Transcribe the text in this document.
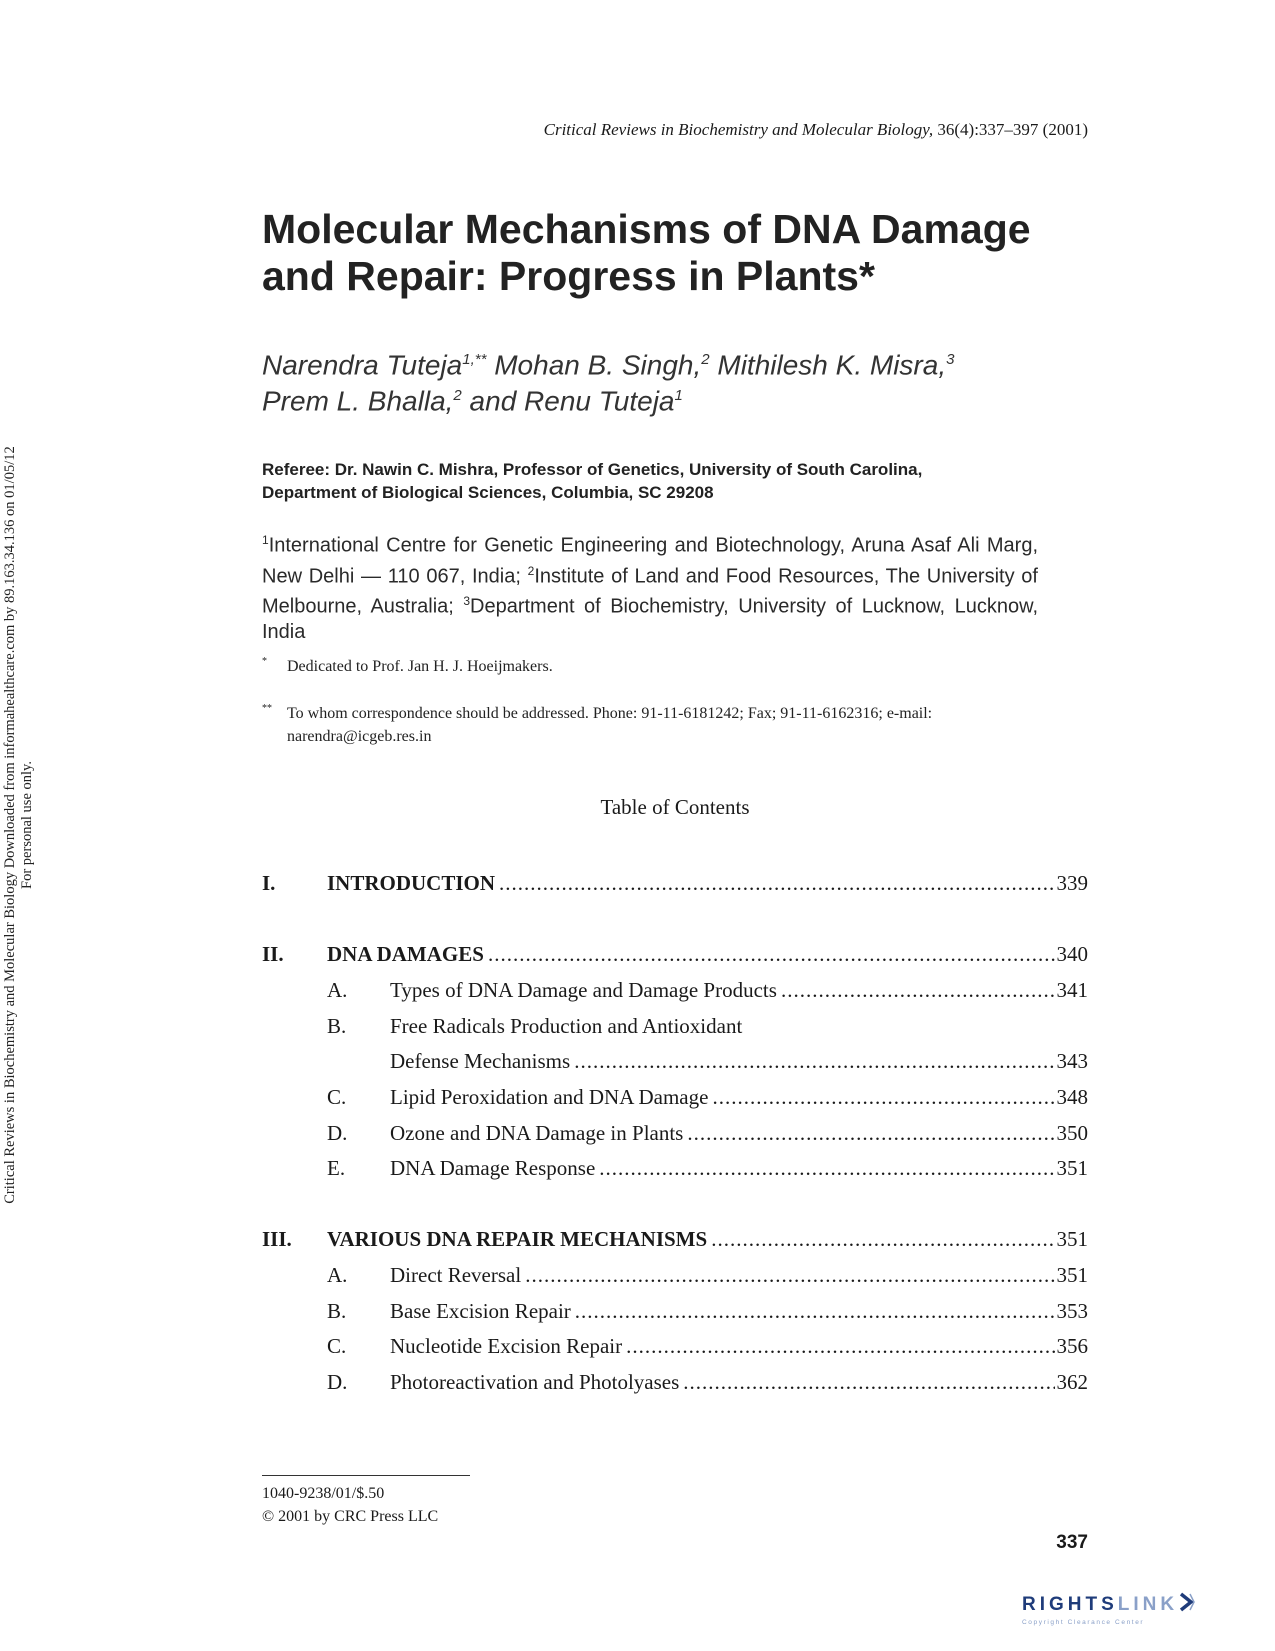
Critical Reviews in Biochemistry and Molecular Biology, 36(4):337–397 (2001)
Critical Reviews in Biochemistry and Molecular Biology Downloaded from informahealthcare.com by 89.163.34.136 on 01/05/12 For personal use only.
Molecular Mechanisms of DNA Damage
and Repair: Progress in Plants*
Narendra Tuteja$^{1,**}$ Mohan B. Singh,$^2$ Mithilesh K. Misra,$^3$
Prem L. Bhalla,$^2$ and Renu Tuteja$^1$
Referee: Dr. Nawin C. Mishra, Professor of Genetics, University of South Carolina,
Department of Biological Sciences, Columbia, SC 29208
$^1$International Centre for Genetic Engineering and Biotechnology, Aruna Asaf Ali Marg, New Delhi — 110 067, India; $^2$Institute of Land and Food Resources, The University of Melbourne, Australia; $^3$Department of Biochemistry, University of Lucknow, Lucknow, India
*	Dedicated to Prof. Jan H. J. Hoeijmakers.
** To whom correspondence should be addressed. Phone: 91-11-6181242; Fax; 91-11-6162316; e-mail:
narendra@icgeb.res.in
Table of Contents
I. INTRODUCTION .....	339
II. DNA DAMAGES .....	340
A. Types of DNA Damage and Damage Products .....	341
B. Free Radicals Production and Antioxidant
Defense Mechanisms .....	343
C. Lipid Peroxidation and DNA Damage .....	348
D. Ozone and DNA Damage in Plants .....	350
E. DNA Damage Response .....	351
III. VARIOUS DNA REPAIR MECHANISMS .....	351
A. Direct Reversal .....	351
B. Base Excision Repair .....	353
C. Nucleotide Excision Repair .....	356
D. Photoreactivation and Photolyases .....	362
1040-9238/01/$.50
© 2001 by CRC Press LLC
337
RIGHTSLINK
Copyright Clearance Center
